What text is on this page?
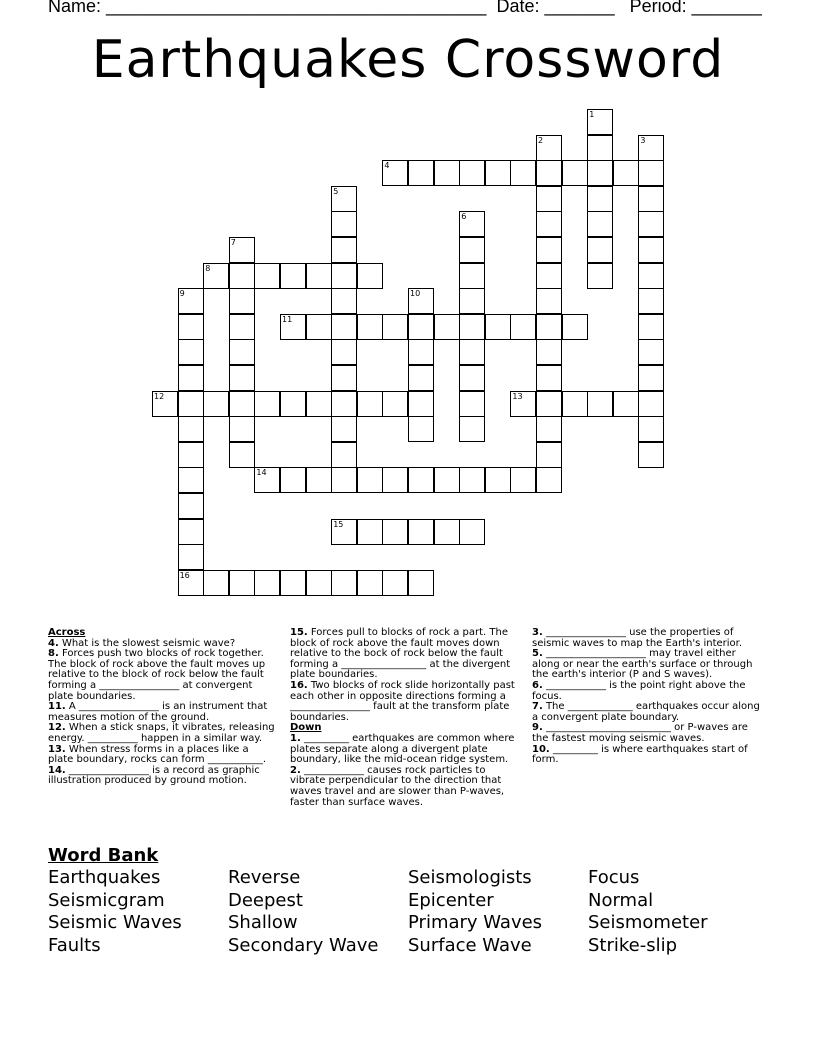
Name: ______________________________________ Date: _______ Period: _______
Earthquakes Crossword
1
2	3
4
5
6
7
8
9
16
10
11
12	13
14
15
Across

4. What is the slowest seismic wave?

8. Forces push two blocks of rock together. The block of rock above the fault moves up relative to the block of rock below the fault forming a ________________ at convergent plate boundaries.

11. A ________________ is an instrument that measures motion of the ground.

12. When a stick snaps, it vibrates, releasing energy. __________ happen in a similar way.

13. When stress forms in a places like a plate boundary, rocks can form ___________.

14. ________________ is a record as graphic illustration produced by ground motion.

15. Forces pull to blocks of rock a part. The block of rock above the fault moves down relative to the bock of rock below the fault forming a _________________ at the divergent plate boundaries.

16. Two blocks of rock slide horizontally past each other in opposite directions forming a ________________ fault at the transform plate boundaries.

Down

1. _________ earthquakes are common where plates separate along a divergent plate boundary, like the mid-ocean ridge system.

2. ____________ causes rock particles to vibrate perpendicular to the direction that waves travel and are slower than P-waves, faster than surface waves.

3. ________________ use the properties of seismic waves to map the Earth's interior.

5. ____________________ may travel either along or near the earth's surface or through the earth's interior (P and S waves).

6. ____________ is the point right above the focus.

7. The _____________ earthquakes occur along a convergent plate boundary.

9. _________________________ or P-waves are the fastest moving seismic waves.

10. _________ is where earthquakes start of form.

Word Bank
Earthquakes	Reverse	Seismologists	Focus
Seismicgram	Deepest	Epicenter	Normal
Seismic Waves	Shallow	Primary Waves	Seismometer
Faults	Secondary Wave	Surface Wave	Strike-slip
